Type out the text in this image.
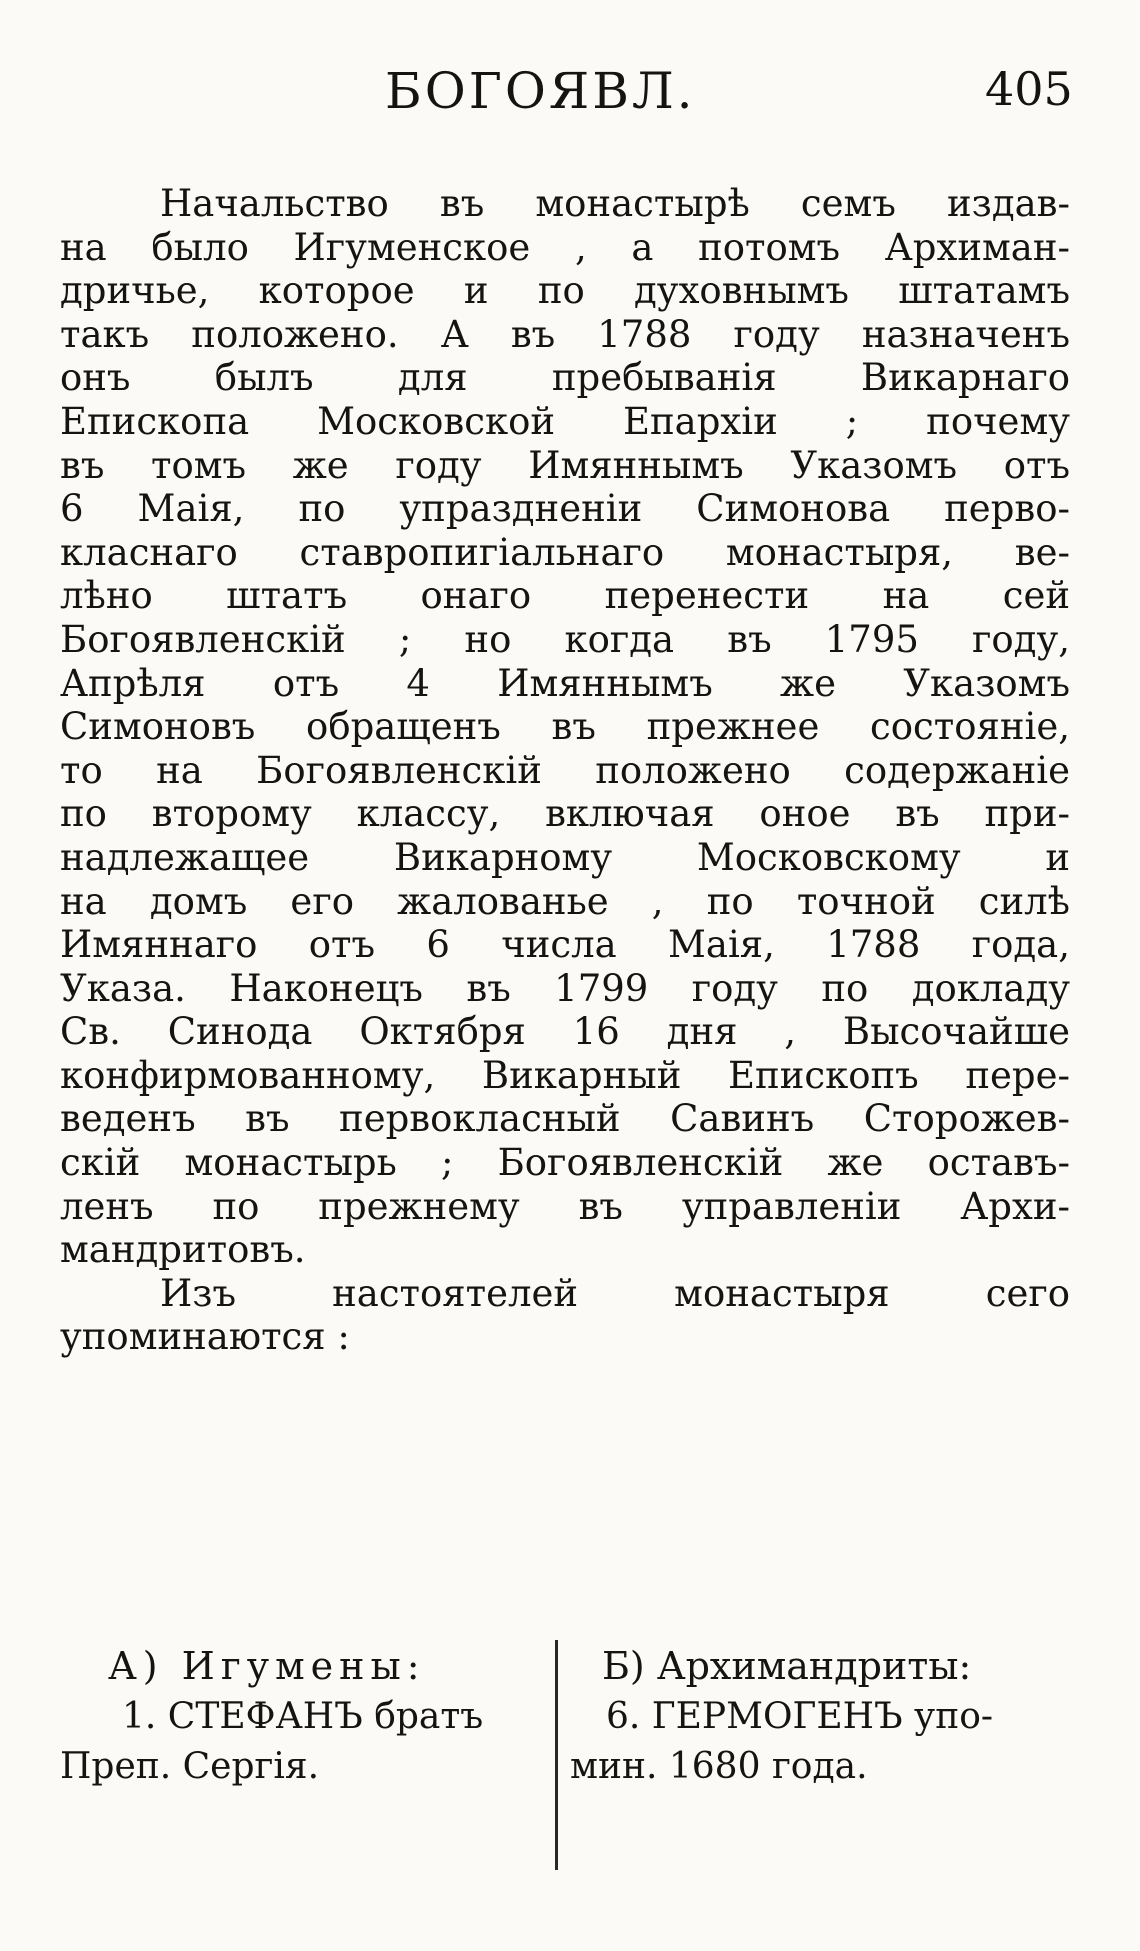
БОГОЯВЛ.	405
Начальство въ монастырѣ семъ издав-
на было Игуменское , а потомъ Архиман-
дричье, которое и по духовнымъ штатамъ
такъ положено. А въ 1788 году назначенъ
онъ былъ для пребыванія Викарнаго
Епископа Московской Епархіи ; почему
въ томъ же году Имяннымъ Указомъ отъ
6 Маія, по упраздненіи Симонова перво-
класнаго ставропигіальнаго монастыря, ве-
лѣно штатъ онаго перенести на сей
Богоявленскій ; но когда въ 1795 году,
Апрѣля отъ 4 Имяннымъ же Указомъ
Симоновъ обращенъ въ прежнее состояніе,
то на Богоявленскій положено содержаніе
по второму классу, включая оное въ при-
надлежащее Викарному Московскому и
на домъ его жалованье , по точной силѣ
Имяннаго отъ 6 числа Маія, 1788 года,
Указа. Наконецъ въ 1799 году по докладу
Св. Синода Октября 16 дня , Высочайше
конфирмованному, Викарный Епископъ пере-
веденъ въ первокласный Савинъ Сторожев-
скій монастырь ; Богоявленскій же оставъ-
ленъ по прежнему въ управленіи Архи-
мандритовъ.
Изъ настоятелей монастыря сего
упоминаются :
А) Игумены:
1. СТЕФАНЪ братъ
Преп. Сергія.
Б) Архимандриты:
6. ГЕРМОГЕНЪ упо-
мин. 1680 года.
